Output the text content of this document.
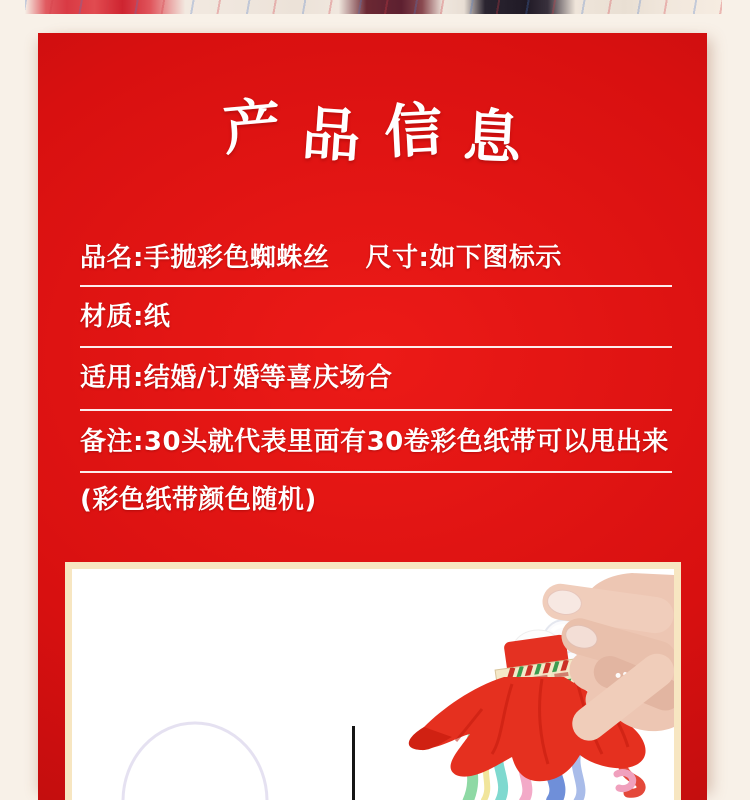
产 品 信 息
品名:手抛彩色蜘蛛丝　 尺寸:如下图标示
材质:纸
适用:结婚/订婚等喜庆场合
备注:30头就代表里面有30卷彩色纸带可以甩出来
(彩色纸带颜色随机)
